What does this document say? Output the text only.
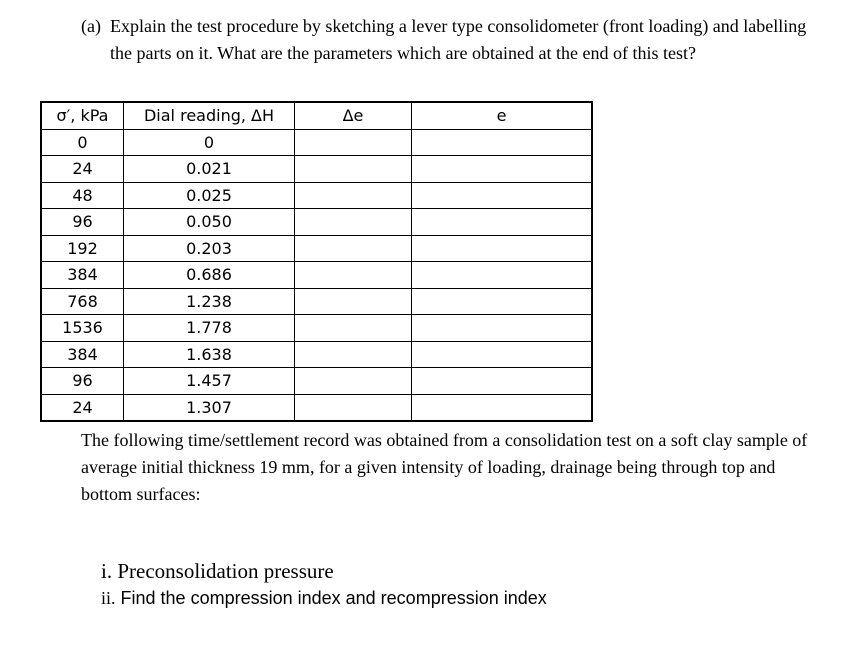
(a) Explain the test procedure by sketching a lever type consolidometer (front loading) and labelling the parts on it. What are the parameters which are obtained at the end of this test?
σ′, kPa	Dial reading, ΔH	Δe	e
0	0		
24	0.021		
48	0.025		
96	0.050		
192	0.203		
384	0.686		
768	1.238		
1536	1.778		
384	1.638		
96	1.457		
24	1.307		
The following time/settlement record was obtained from a consolidation test on a soft clay sample of average initial thickness 19 mm, for a given intensity of loading, drainage being through top and bottom surfaces:
i. Preconsolidation pressure
ii. Find the compression index and recompression index
